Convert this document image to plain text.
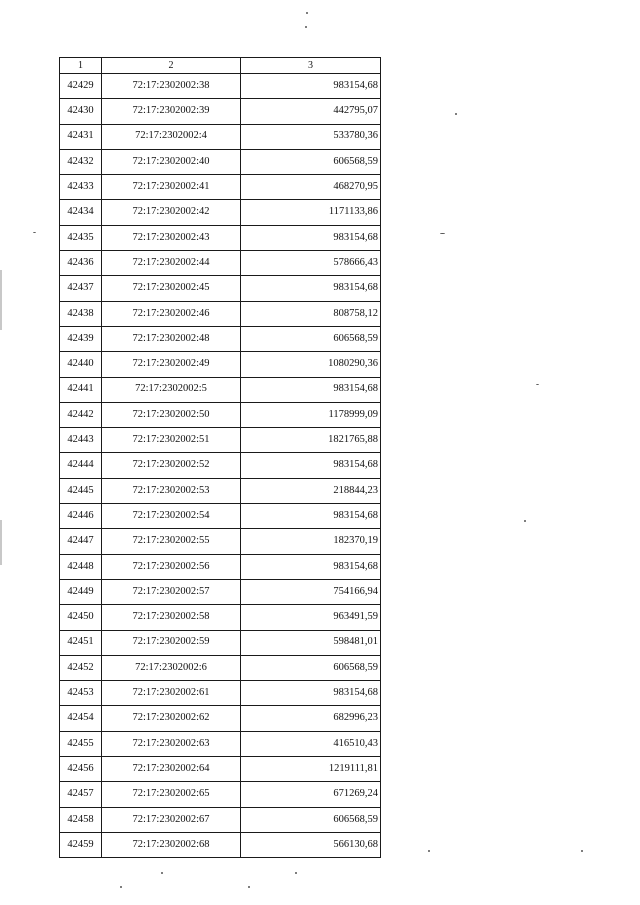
1	2	3
42429	72:17:2302002:38	983154,68
42430	72:17:2302002:39	442795,07
42431	72:17:2302002:4	533780,36
42432	72:17:2302002:40	606568,59
42433	72:17:2302002:41	468270,95
42434	72:17:2302002:42	1171133,86
42435	72:17:2302002:43	983154,68
42436	72:17:2302002:44	578666,43
42437	72:17:2302002:45	983154,68
42438	72:17:2302002:46	808758,12
42439	72:17:2302002:48	606568,59
42440	72:17:2302002:49	1080290,36
42441	72:17:2302002:5	983154,68
42442	72:17:2302002:50	1178999,09
42443	72:17:2302002:51	1821765,88
42444	72:17:2302002:52	983154,68
42445	72:17:2302002:53	218844,23
42446	72:17:2302002:54	983154,68
42447	72:17:2302002:55	182370,19
42448	72:17:2302002:56	983154,68
42449	72:17:2302002:57	754166,94
42450	72:17:2302002:58	963491,59
42451	72:17:2302002:59	598481,01
42452	72:17:2302002:6	606568,59
42453	72:17:2302002:61	983154,68
42454	72:17:2302002:62	682996,23
42455	72:17:2302002:63	416510,43
42456	72:17:2302002:64	1219111,81
42457	72:17:2302002:65	671269,24
42458	72:17:2302002:67	606568,59
42459	72:17:2302002:68	566130,68
